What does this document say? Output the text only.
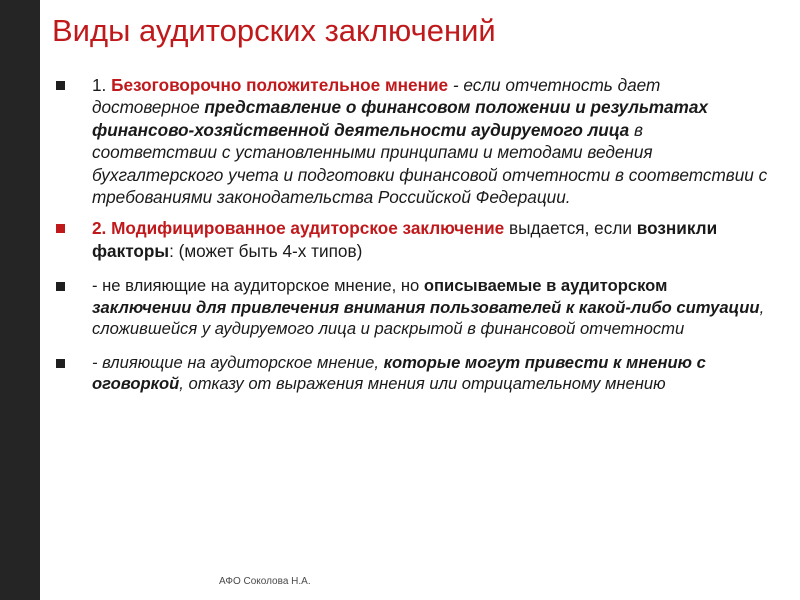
Виды аудиторских заключений
1. Безоговорочно положительное мнение - если отчетность дает достоверное представление о финансовом положении и результатах финансово-хозяйственной деятельности аудируемого лица в соответствии с установленными принципами и методами ведения бухгалтерского учета и подготовки финансовой отчетности в соответствии с требованиями законодательства Российской Федерации.
2. Модифицированное аудиторское заключение выдается, если возникли факторы: (может быть 4-х типов)
- не влияющие на аудиторское мнение, но описываемые в аудиторском заключении для привлечения внимания пользователей к какой-либо ситуации, сложившейся у аудируемого лица и раскрытой в финансовой отчетности
- влияющие на аудиторское мнение, которые могут привести к мнению с оговоркой, отказу от выражения мнения или отрицательному мнению
АФО Соколова Н.А.
